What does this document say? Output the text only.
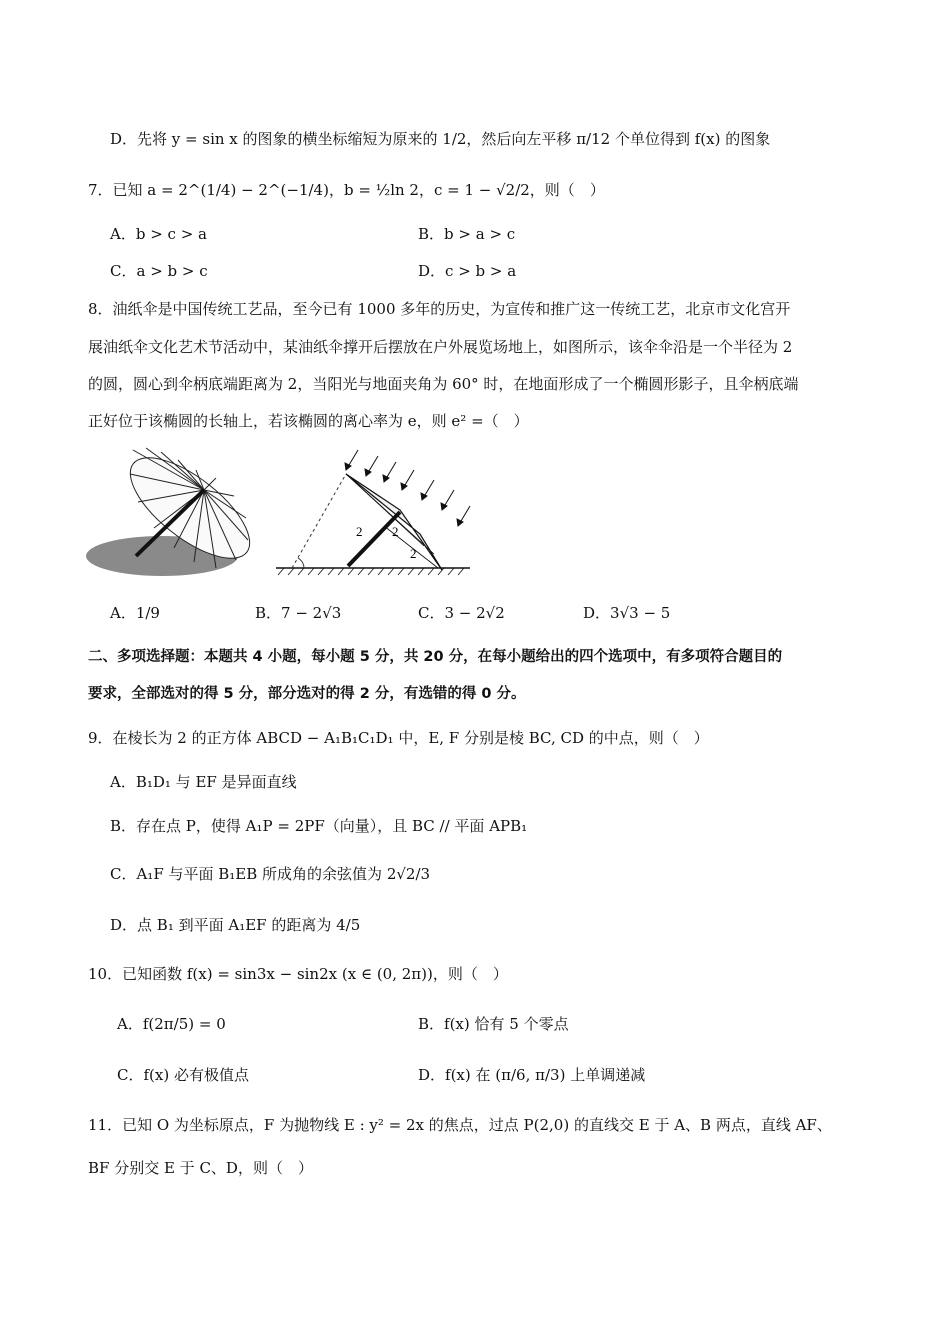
D．先将 y = sin x 的图象的横坐标缩短为原来的 1/2，然后向左平移 π/12 个单位得到 f(x) 的图象
7．已知 a = 2^(1/4) − 2^(−1/4)，b = ½ln 2，c = 1 − √2/2，则（　）
A．b > c > a	B．b > a > c
C．a > b > c	D．c > b > a
8．油纸伞是中国传统工艺品，至今已有 1000 多年的历史，为宣传和推广这一传统工艺，北京市文化宫开
展油纸伞文化艺术节活动中，某油纸伞撑开后摆放在户外展览场地上，如图所示，该伞伞沿是一个半径为 2
的圆，圆心到伞柄底端距离为 2，当阳光与地面夹角为 60° 时，在地面形成了一个椭圆形影子，且伞柄底端
正好位于该椭圆的长轴上，若该椭圆的离心率为 e，则 e² =（　）
2 2
2
A．1/9	B．7 − 2√3	C．3 − 2√2	D．3√3 − 5
二、多项选择题：本题共 4 小题，每小题 5 分，共 20 分，在每小题给出的四个选项中，有多项符合题目的
要求，全部选对的得 5 分，部分选对的得 2 分，有选错的得 0 分。
9．在棱长为 2 的正方体 ABCD − A₁B₁C₁D₁ 中，E, F 分别是棱 BC, CD 的中点，则（　）
A．B₁D₁ 与 EF 是异面直线
B．存在点 P，使得 A₁P = 2PF（向量），且 BC // 平面 APB₁
C．A₁F 与平面 B₁EB 所成角的余弦值为 2√2/3
D．点 B₁ 到平面 A₁EF 的距离为 4/5
10．已知函数 f(x) = sin3x − sin2x (x ∈ (0, 2π))，则（　）
A．f(2π/5) = 0	B．f(x) 恰有 5 个零点
C．f(x) 必有极值点	D．f(x) 在 (π/6, π/3) 上单调递减
11．已知 O 为坐标原点，F 为抛物线 E : y² = 2x 的焦点，过点 P(2,0) 的直线交 E 于 A、B 两点，直线 AF、
BF 分别交 E 于 C、D，则（　）
